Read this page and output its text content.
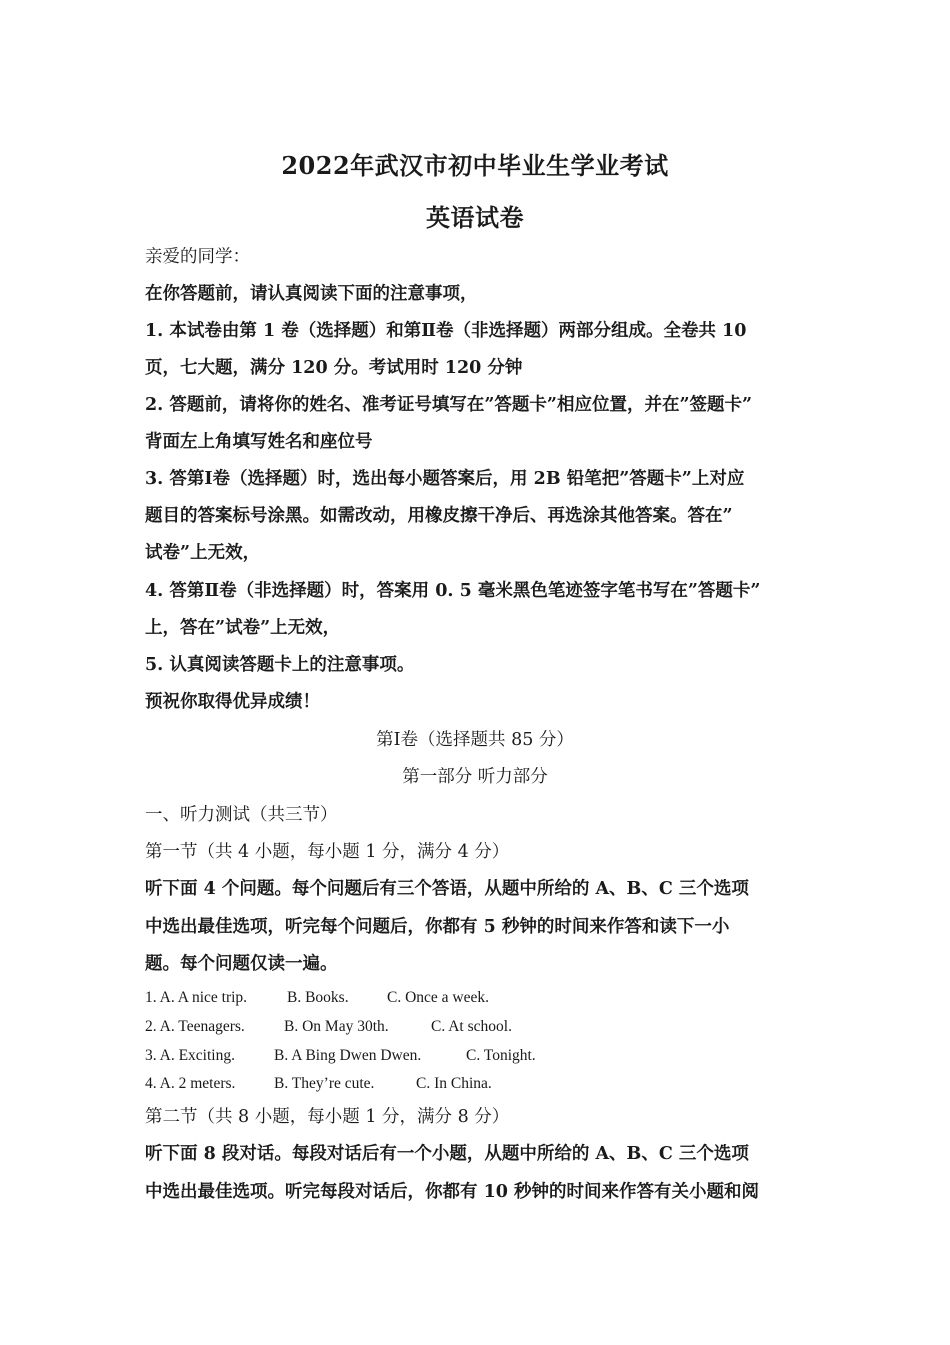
2022年武汉市初中毕业生学业考试
英语试卷
亲爱的同学：
在你答题前，请认真阅读下面的注意事项，
1. 本试卷由第 1 卷（选择题）和第Ⅱ卷（非选择题）两部分组成。全卷共 10
页，七大题，满分 120 分。考试用时 120 分钟
2. 答题前，请将你的姓名、准考证号填写在”答题卡”相应位置，并在”签题卡”
背面左上角填写姓名和座位号
3. 答第Ⅰ卷（选择题）时，选出每小题答案后，用 2B 铅笔把”答题卡”上对应
题目的答案标号涂黑。如需改动，用橡皮擦干净后、再选涂其他答案。答在”
试卷”上无效，
4. 答第Ⅱ卷（非选择题）时，答案用 0. 5 毫米黑色笔迹签字笔书写在”答题卡”
上，答在”试卷”上无效，
5. 认真阅读答题卡上的注意事项。
预祝你取得优异成绩！
第Ⅰ卷（选择题共 85 分）
第一部分 听力部分
一、听力测试（共三节）
第一节（共 4 小题，每小题 1 分，满分 4 分）
听下面 4 个问题。每个问题后有三个答语，从题中所给的 A、B、C 三个选项
中选出最佳选项，听完每个问题后，你都有 5 秒钟的时间来作答和读下一小
题。每个问题仅读一遍。
1. A. A nice trip.	B. Books. C. Once a week.
2. A. Teenagers.	B. On May 30th.	C. At school.
3. A. Exciting.	B. A Bing Dwen Dwen.	C. Tonight.
4. A. 2 meters. B. They’re cute.	C. In China.
第二节（共 8 小题，每小题 1 分，满分 8 分）
听下面 8 段对话。每段对话后有一个小题，从题中所给的 A、B、C 三个选项
中选出最佳选项。听完每段对话后，你都有 10 秒钟的时间来作答有关小题和阅
